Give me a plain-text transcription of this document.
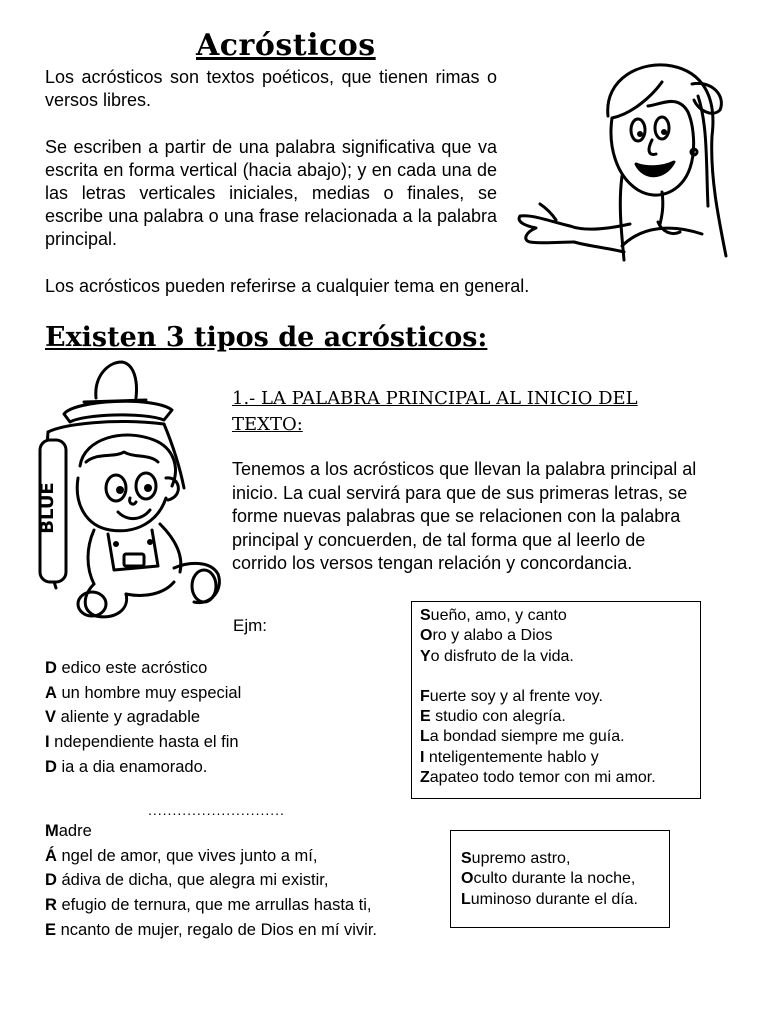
Acrósticos
Los acrósticos son textos poéticos, que tienen rimas o versos libres.
Se escriben a partir de una palabra significativa que va escrita en forma vertical (hacia abajo); y en cada una de las letras verticales iniciales, medias o finales, se escribe una palabra o una frase relacionada a la palabra principal.
Los acrósticos pueden referirse a cualquier tema en general.
Existen 3 tipos de acrósticos:
BLUE
1.- LA PALABRA PRINCIPAL AL INICIO DEL TEXTO:
Tenemos a los acrósticos que llevan la palabra principal al inicio. La cual servirá para que de sus primeras letras, se forme nuevas palabras que se relacionen con la palabra principal y concuerden, de tal forma que al leerlo de corrido los versos tengan relación y concordancia.
Ejm:
D edico este acróstico
A un hombre muy especial
V aliente y agradable
I ndependiente hasta el fin
D ia a dia enamorado.
............................
Madre
Á ngel de amor, que vives junto a mí,
D ádiva de dicha, que alegra mi existir,
R efugio de ternura, que me arrullas hasta ti,
E ncanto de mujer, regalo de Dios en mí vivir.
Sueño, amo, y canto
Oro y alabo a Dios
Yo disfruto de la vida.
Fuerte soy y al frente voy.
E studio con alegría.
La bondad siempre me guía.
I nteligentemente hablo y
Zapateo todo temor con mi amor.
Supremo astro,
Oculto durante la noche,
Luminoso durante el día.
